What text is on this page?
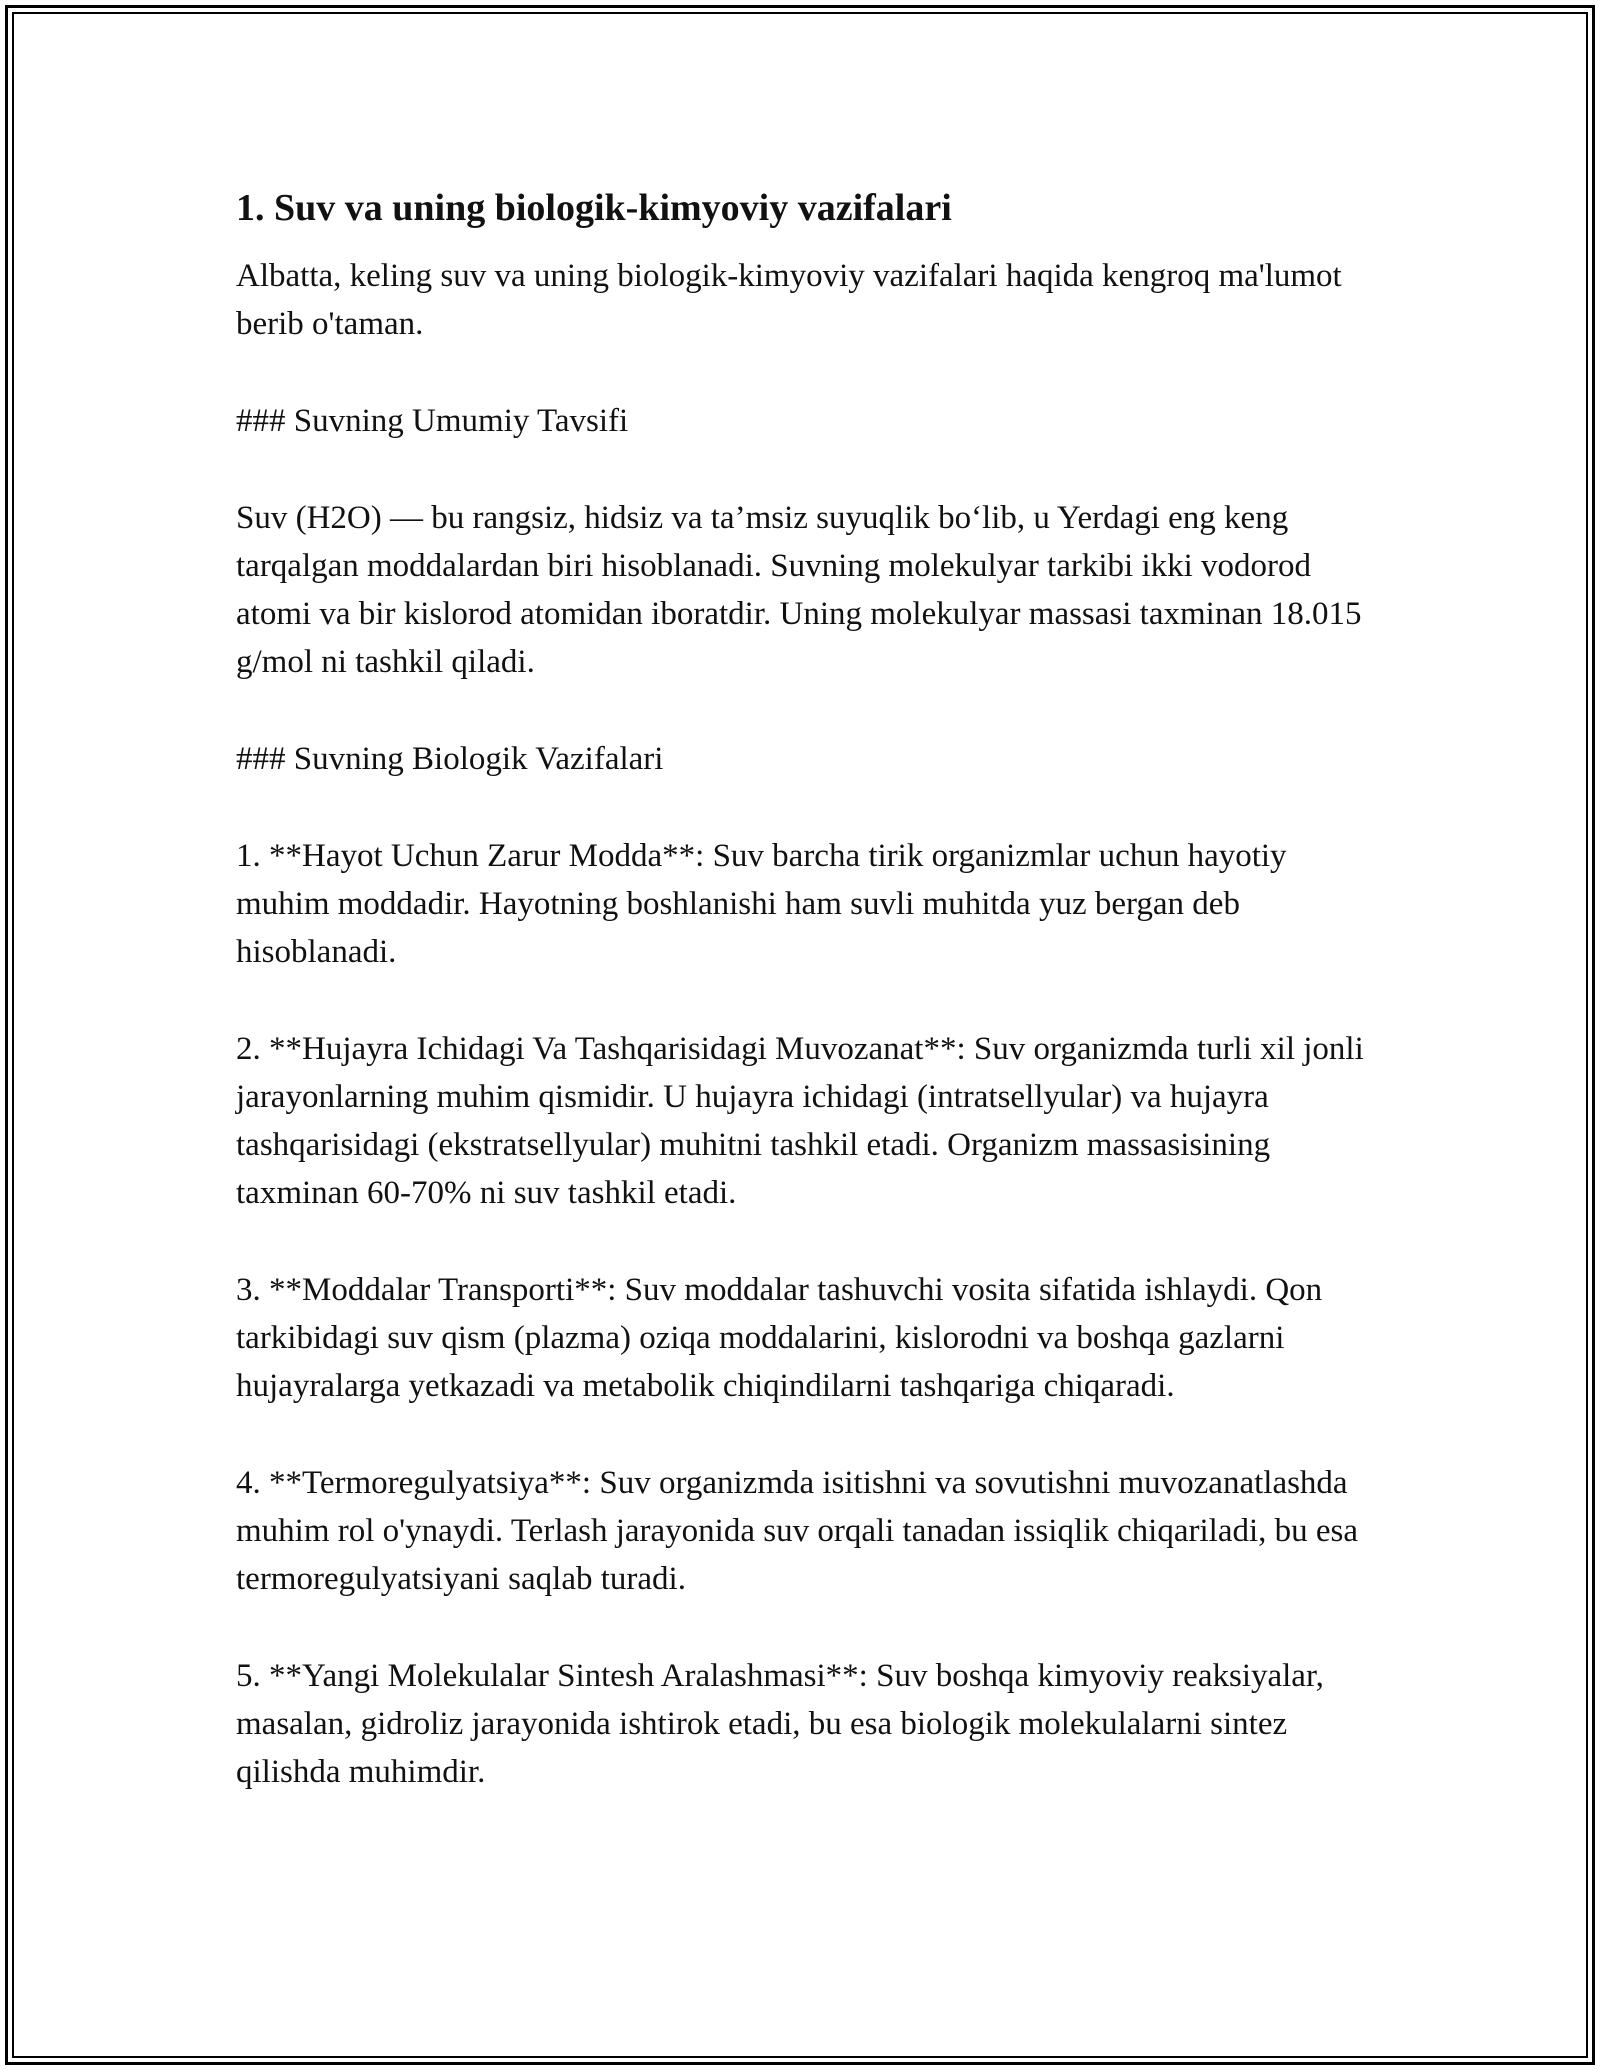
1. Suv va uning biologik-kimyoviy vazifalari

Albatta, keling suv va uning biologik-kimyoviy vazifalari haqida kengroq ma'lumot berib o'taman.

### Suvning Umumiy Tavsifi

Suv (H2O) — bu rangsiz, hidsiz va ta’msiz suyuqlik bo‘lib, u Yerdagi eng keng tarqalgan moddalardan biri hisoblanadi. Suvning molekulyar tarkibi ikki vodorod atomi va bir kislorod atomidan iboratdir. Uning molekulyar massasi taxminan 18.015 g/mol ni tashkil qiladi.

### Suvning Biologik Vazifalari

1. **Hayot Uchun Zarur Modda**: Suv barcha tirik organizmlar uchun hayotiy muhim moddadir. Hayotning boshlanishi ham suvli muhitda yuz bergan deb hisoblanadi.

2. **Hujayra Ichidagi Va Tashqarisidagi Muvozanat**: Suv organizmda turli xil jonli jarayonlarning muhim qismidir. U hujayra ichidagi (intratsellyular) va hujayra tashqarisidagi (ekstratsellyular) muhitni tashkil etadi. Organizm massasisining taxminan 60-70% ni suv tashkil etadi.

3. **Moddalar Transporti**: Suv moddalar tashuvchi vosita sifatida ishlaydi. Qon tarkibidagi suv qism (plazma) oziqa moddalarini, kislorodni va boshqa gazlarni hujayralarga yetkazadi va metabolik chiqindilarni tashqariga chiqaradi.

4. **Termoregulyatsiya**: Suv organizmda isitishni va sovutishni muvozanatlashda muhim rol o'ynaydi. Terlash jarayonida suv orqali tanadan issiqlik chiqariladi, bu esa termoregulyatsiyani saqlab turadi.

5. **Yangi Molekulalar Sintesh Aralashmasi**: Suv boshqa kimyoviy reaksiyalar, masalan, gidroliz jarayonida ishtirok etadi, bu esa biologik molekulalarni sintez qilishda muhimdir.
